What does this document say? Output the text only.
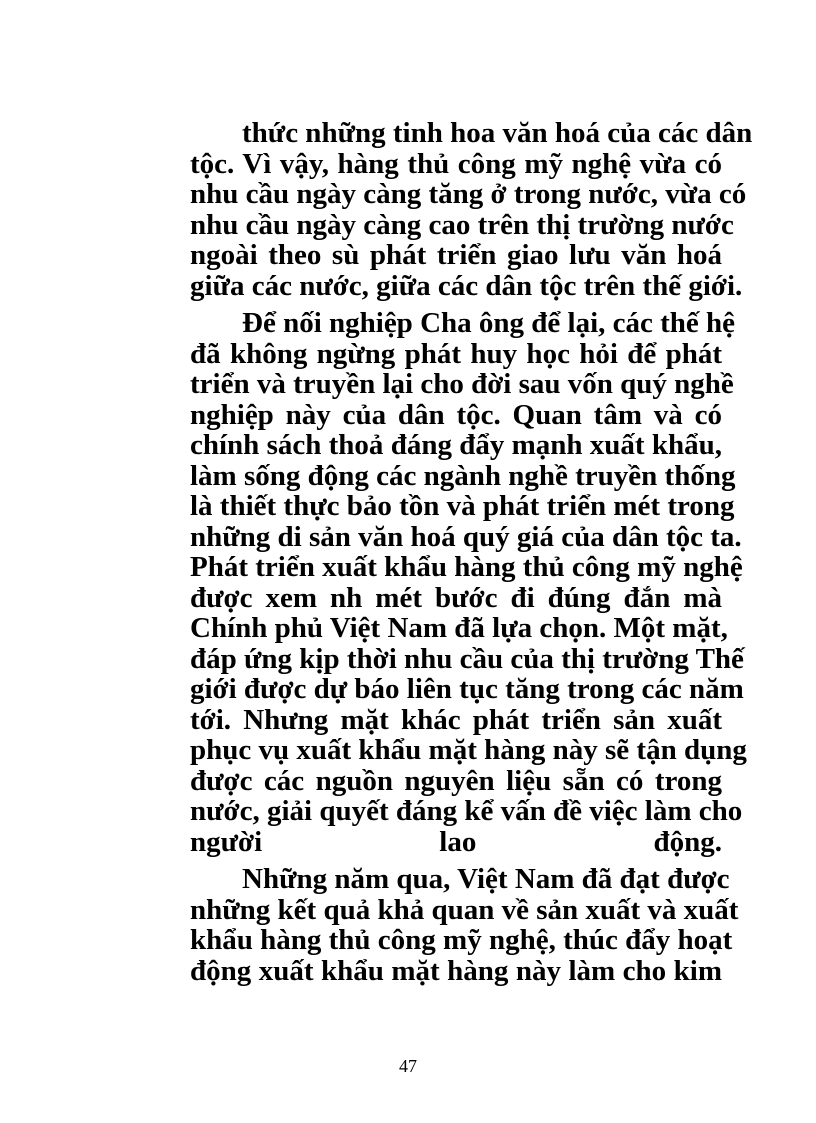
thức những tinh hoa văn hoá của các dân
tộc. Vì vậy, hàng thủ công mỹ nghệ vừa có
nhu cầu ngày càng tăng ở trong nước, vừa có
nhu cầu ngày càng cao trên thị trường nước
ngoài theo sù phát triển giao lưu văn hoá
giữa các nước, giữa các dân tộc trên thế giới.
Để nối nghiệp Cha ông để lại, các thế hệ
đã không ngừng phát huy học hỏi để phát
triển và truyền lại cho đời sau vốn quý nghề
nghiệp này của dân tộc. Quan tâm và có
chính sách thoả đáng đẩy mạnh xuất khẩu,
làm sống động các ngành nghề truyền thống
là thiết thực bảo tồn và phát triển mét trong
những di sản văn hoá quý giá của dân tộc ta.
Phát triển xuất khẩu hàng thủ công mỹ nghệ
được xem nh mét bước đi đúng đắn mà
Chính phủ Việt Nam đã lựa chọn. Một mặt,
đáp ứng kịp thời nhu cầu của thị trường Thế
giới được dự báo liên tục tăng trong các năm
tới. Nhưng mặt khác phát triển sản xuất
phục vụ xuất khẩu mặt hàng này sẽ tận dụng
được các nguồn nguyên liệu sẵn có trong
nước, giải quyết đáng kể vấn đề việc làm cho
người lao động.
Những năm qua, Việt Nam đã đạt được
những kết quả khả quan về sản xuất và xuất
khẩu hàng thủ công mỹ nghệ, thúc đẩy hoạt
động xuất khẩu mặt hàng này làm cho kim
47
